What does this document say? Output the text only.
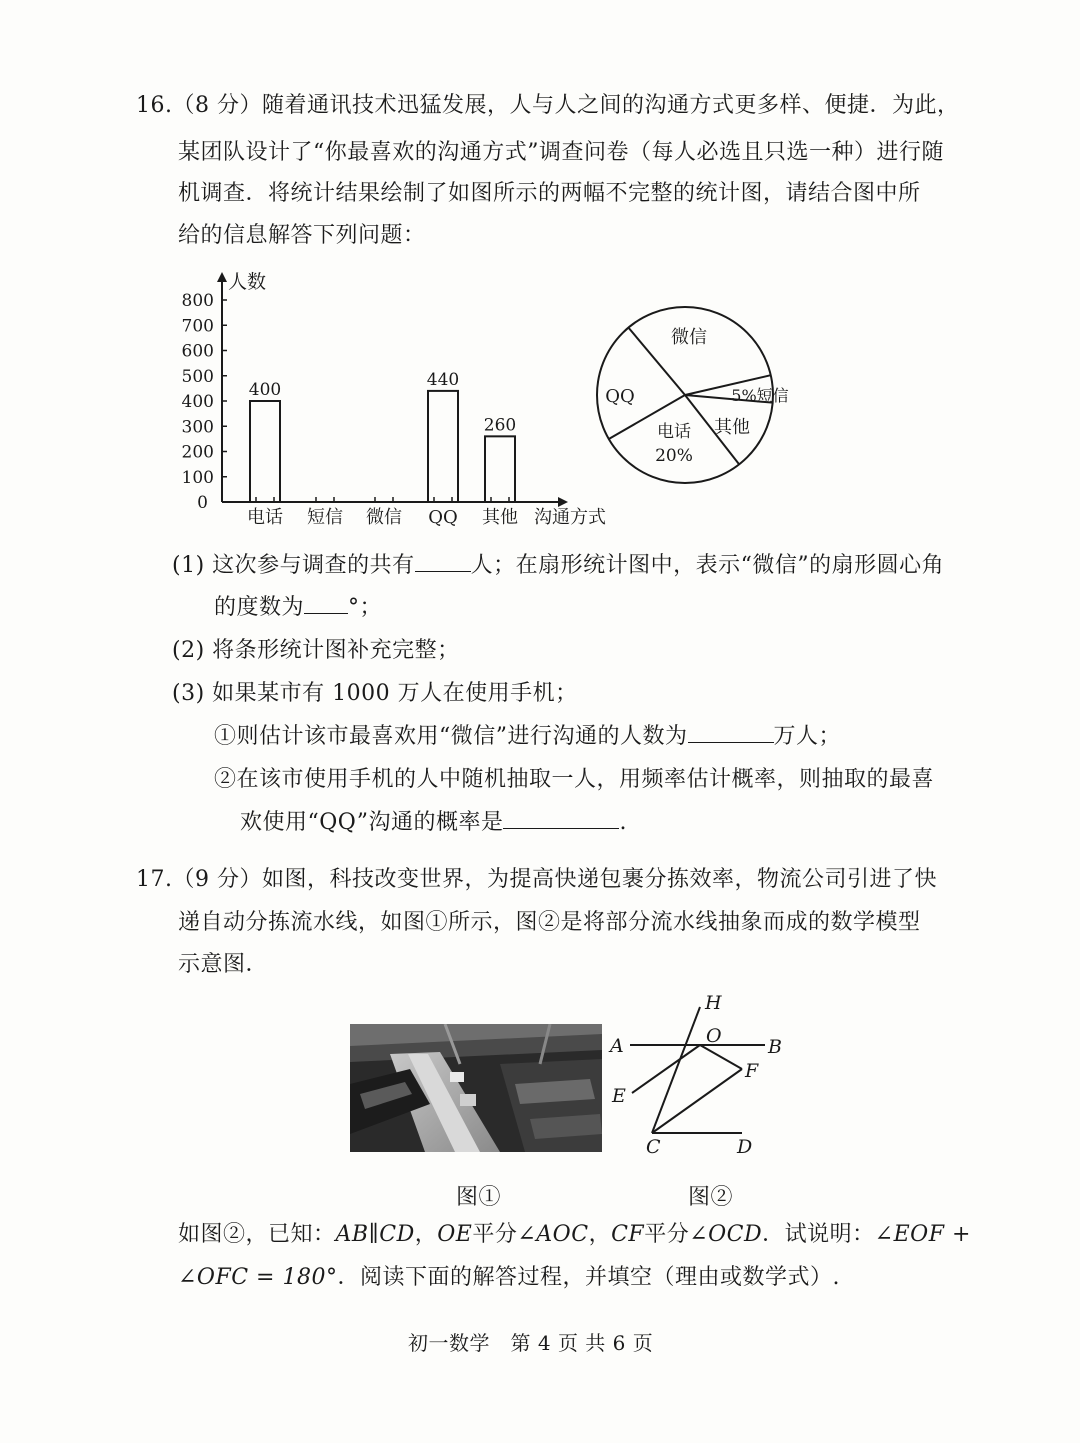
16.（8 分）随着通讯技术迅猛发展，人与人之间的沟通方式更多样、便捷．为此，
某团队设计了“你最喜欢的沟通方式”调查问卷（每人必选且只选一种）进行随
机调查．将统计结果绘制了如图所示的两幅不完整的统计图，请结合图中所
给的信息解答下列问题：
人数
沟通方式
0
100
200
300
400
500
600
700
800
电话
400
短信 微信 QQ
440
其他
260
微信
5%短信
其他
电话
20%
QQ
(1) 这次参与调查的共有	人；在扇形统计图中，表示“微信”的扇形圆心角
的度数为 °；
(2) 将条形统计图补充完整；
(3) 如果某市有 1000 万人在使用手机；
①则估计该市最喜欢用“微信”进行沟通的人数为	万人；
②在该市使用手机的人中随机抽取一人，用频率估计概率，则抽取的最喜
欢使用“QQ”沟通的概率是	.
17.（9 分）如图，科技改变世界，为提高快递包裹分拣效率，物流公司引进了快
递自动分拣流水线，如图①所示，图②是将部分流水线抽象而成的数学模型
示意图．
H
O
A	B
F
E
C	D
图①	图②
如图②，已知：AB∥CD，OE平分∠AOC，CF平分∠OCD．试说明：∠EOF +
∠OFC = 180°．阅读下面的解答过程，并填空（理由或数学式）.
初一数学　第 4 页 共 6 页
